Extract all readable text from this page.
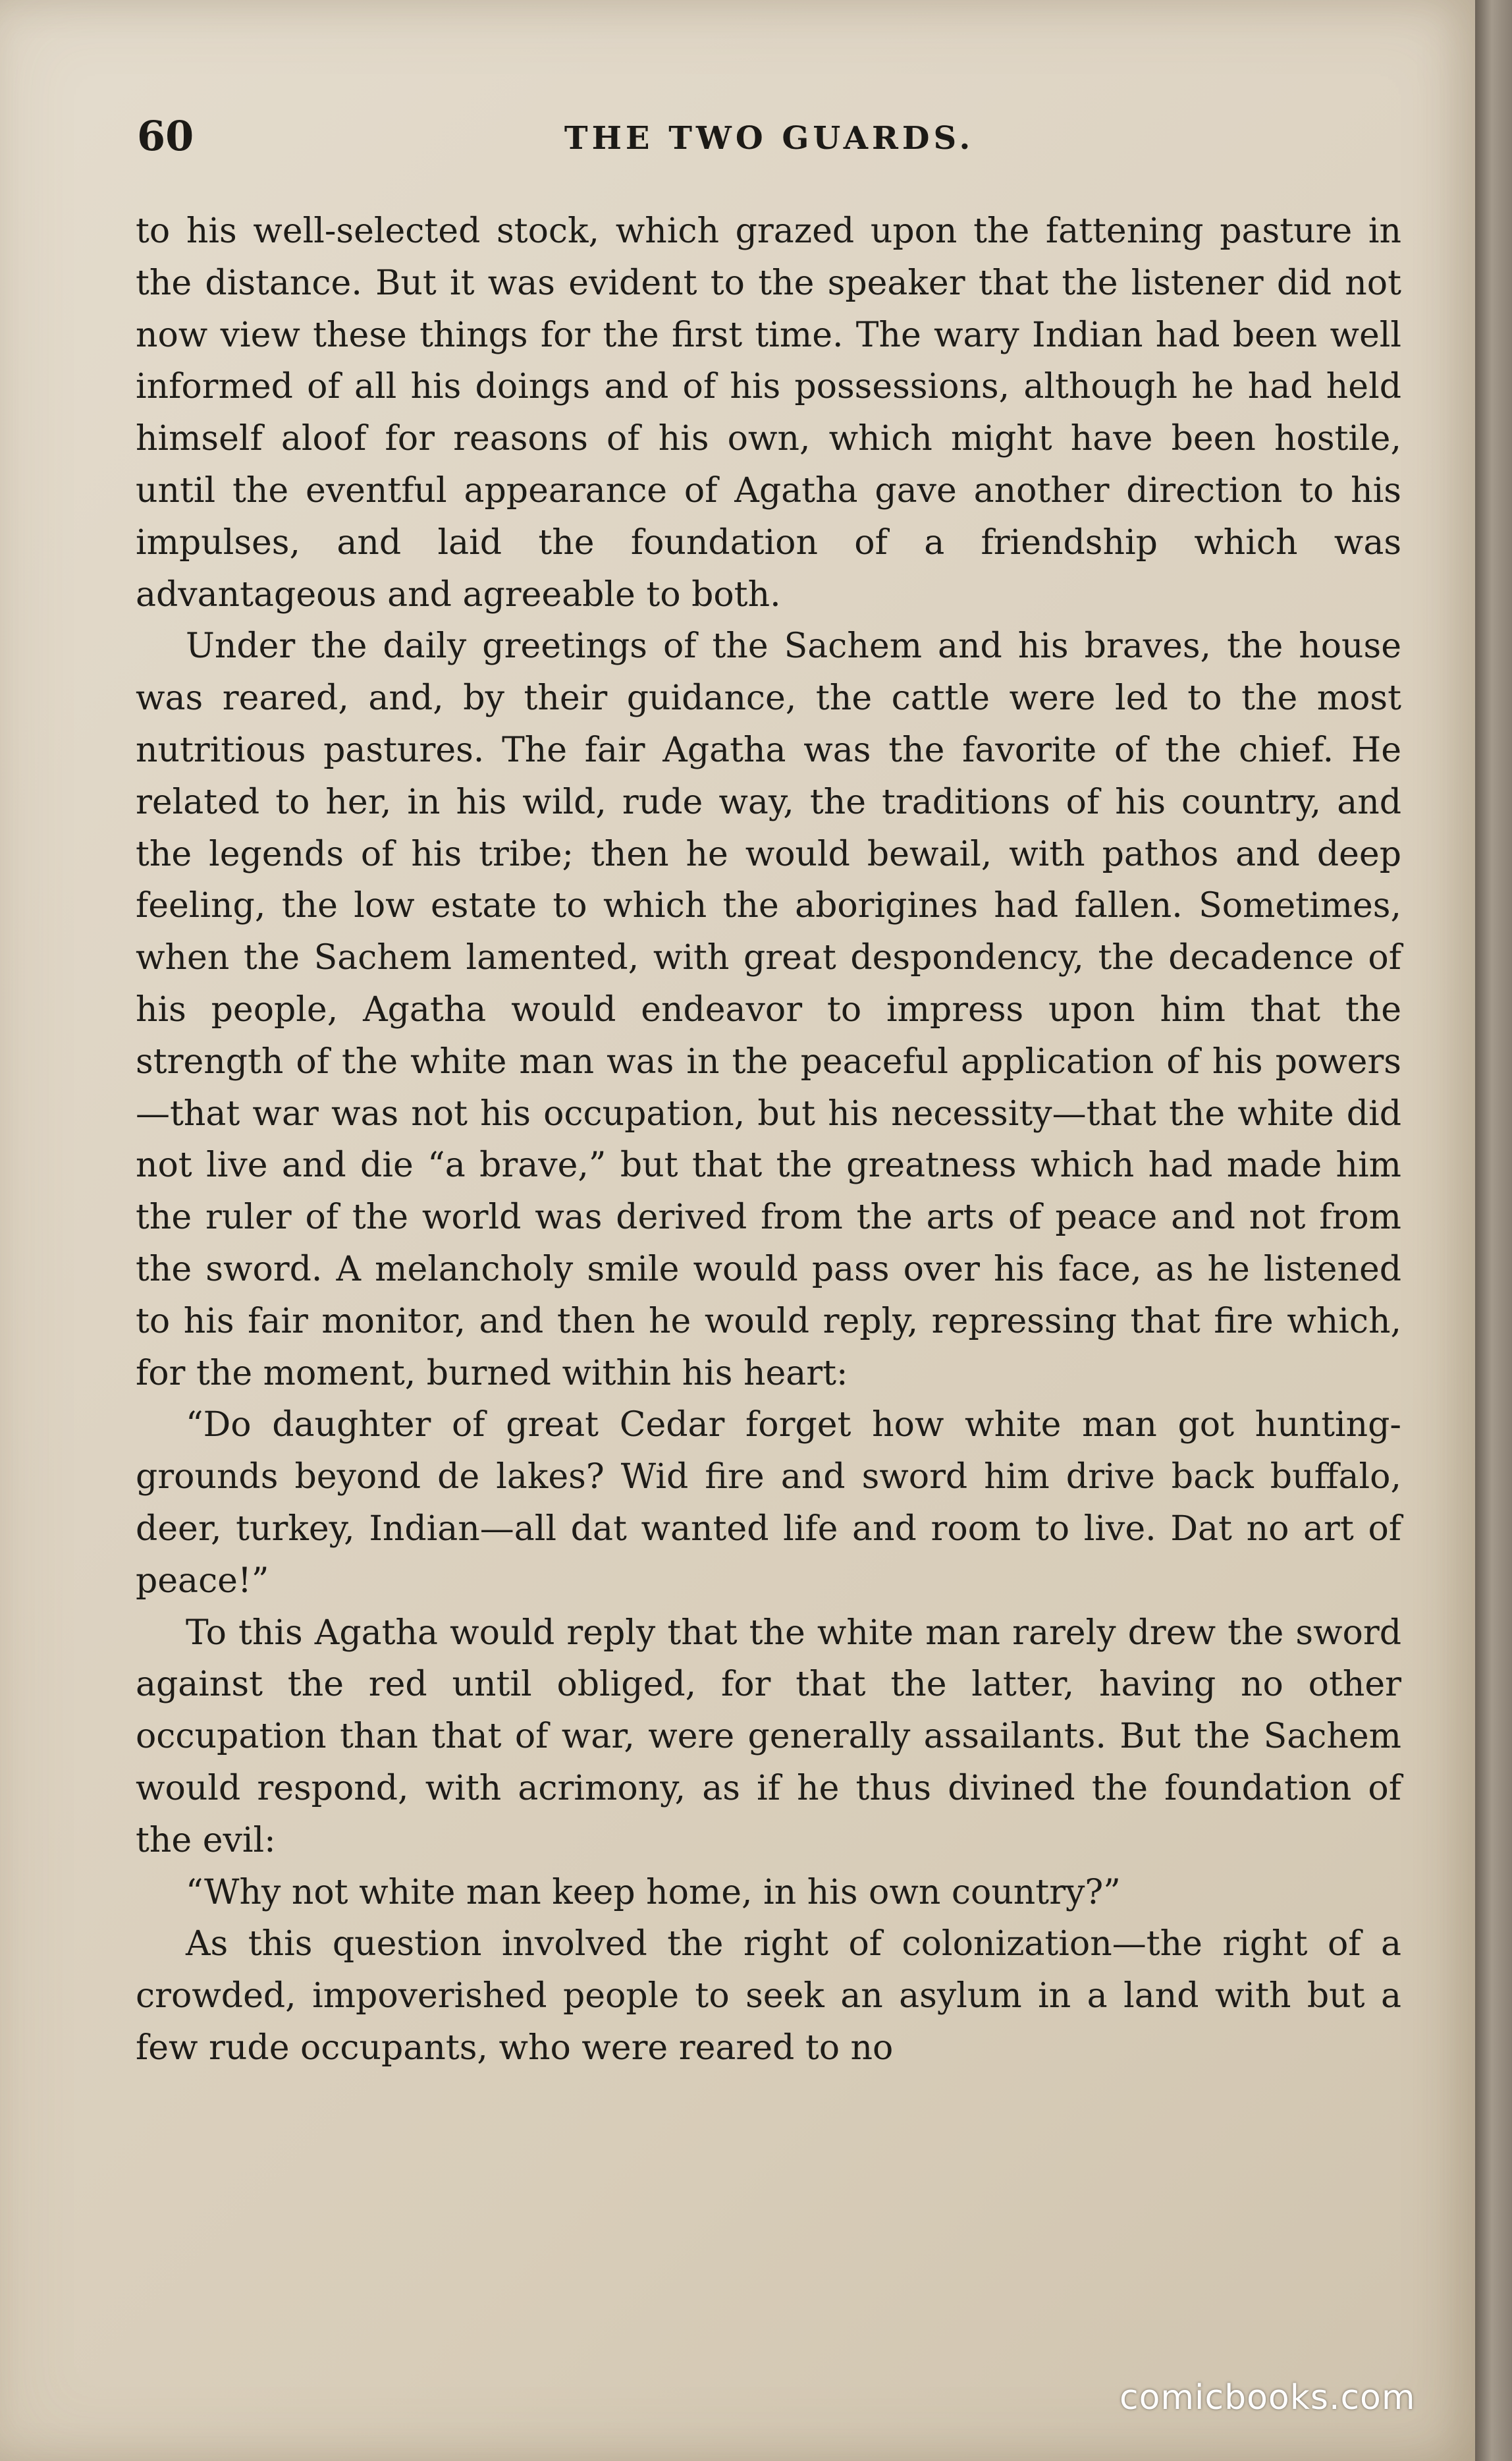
60	THE TWO GUARDS.

to his well-selected stock, which grazed upon the fattening pasture in the distance. But it was evident to the speaker that the listener did not now view these things for the first time. The wary Indian had been well informed of all his doings and of his possessions, although he had held himself aloof for reasons of his own, which might have been hostile, until the eventful appearance of Agatha gave another direction to his impulses, and laid the foundation of a friendship which was advantageous and agreeable to both.

Under the daily greetings of the Sachem and his braves, the house was reared, and, by their guidance, the cattle were led to the most nutritious pastures. The fair Agatha was the favorite of the chief. He related to her, in his wild, rude way, the traditions of his country, and the legends of his tribe; then he would bewail, with pathos and deep feeling, the low estate to which the aborigines had fallen. Sometimes, when the Sachem lamented, with great despondency, the decadence of his people, Agatha would endeavor to impress upon him that the strength of the white man was in the peaceful application of his powers—that war was not his occupation, but his necessity—that the white did not live and die “a brave,” but that the greatness which had made him the ruler of the world was derived from the arts of peace and not from the sword. A melancholy smile would pass over his face, as he listened to his fair monitor, and then he would reply, repressing that fire which, for the moment, burned within his heart:

“Do daughter of great Cedar forget how white man got hunting-grounds beyond de lakes? Wid fire and sword him drive back buffalo, deer, turkey, Indian—all dat wanted life and room to live. Dat no art of peace!”

To this Agatha would reply that the white man rarely drew the sword against the red until obliged, for that the latter, having no other occupation than that of war, were generally assailants. But the Sachem would respond, with acrimony, as if he thus divined the foundation of the evil:

“Why not white man keep home, in his own country?”

As this question involved the right of colonization—the right of a crowded, impoverished people to seek an asylum in a land with but a few rude occupants, who were reared to no

comicbooks.com
